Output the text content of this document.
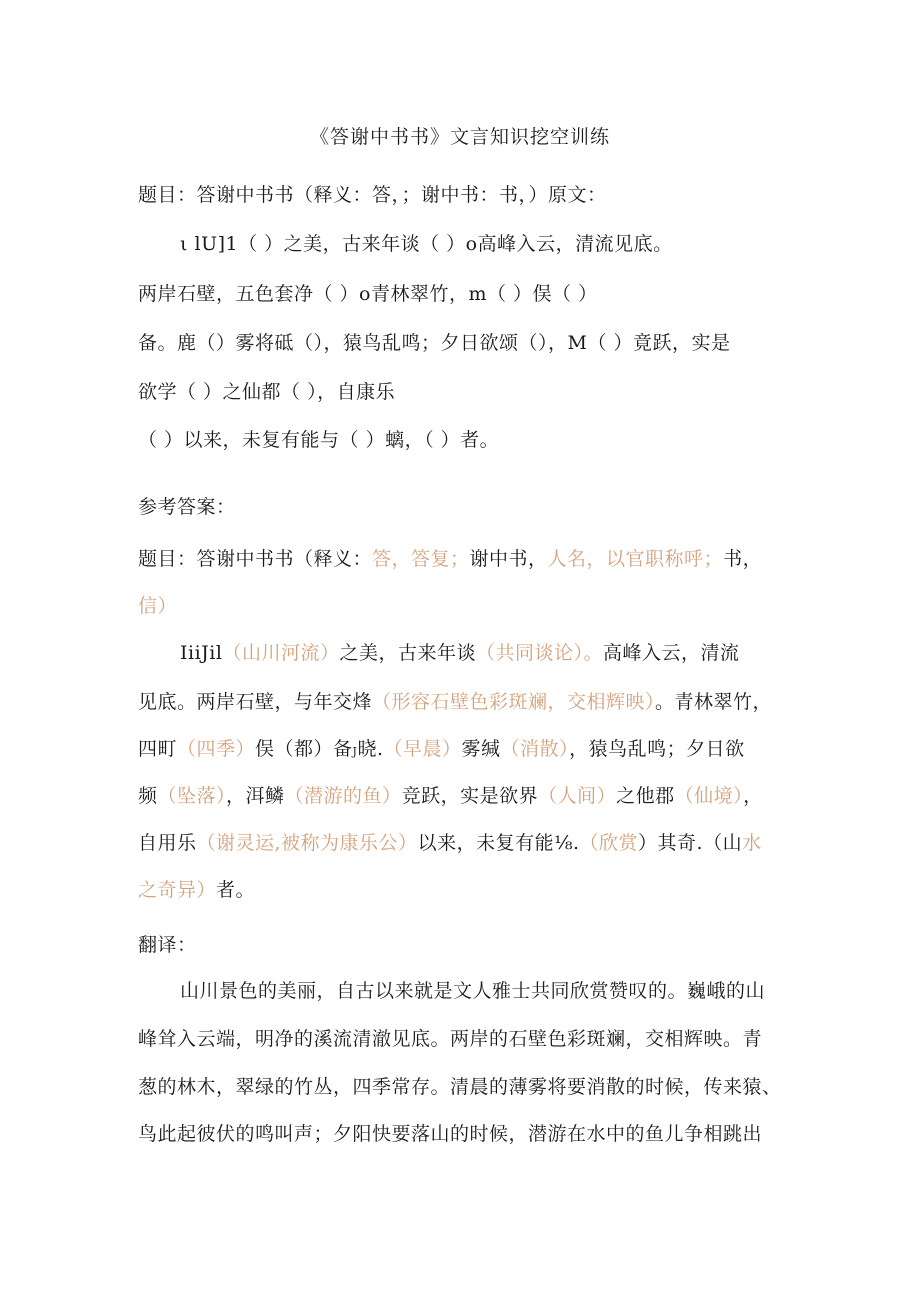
《答谢中书书》文言知识挖空训练
题目：答谢中书书（释义：答，；谢中书：书，）原文：
ι lU]1（ ）之美，古来年谈（ ）o高峰入云，清流见底。
两岸石壁，五色套净（ ）o青林翠竹，m（ ）俣（ ）
备。鹿（）雾将砥（），猿鸟乱鸣；夕日欲颂（），M（ ）竟跃，实是
欲学（ ）之仙都（ ），自康乐
（ ）以来，未复有能与（ ）螭，（ ）者。
参考答案：
题目：答谢中书书（释义：答，答复；谢中书，人名，以官职称呼；书，
信）
IiiJil（山川河流）之美，古来年谈（共同谈论）。高峰入云，清流
见底。两岸石壁，与年交烽（形容石壁色彩斑斓，交相辉映）。青林翠竹，
四町（四季）俣（都）备J晓.（早晨）雾缄（消散），猿鸟乱鸣；夕日欲
频（坠落），洱鳞（潜游的鱼）竞跃，实是欲界（人间）之他郡（仙境），
自用乐（谢灵运,被称为康乐公）以来，未复有能⅛.（欣赏）其奇.（山水
之奇异）者。
翻译：
山川景色的美丽，自古以来就是文人雅士共同欣赏赞叹的。巍峨的山
峰耸入云端，明净的溪流清澈见底。两岸的石壁色彩斑斓，交相辉映。青
葱的林木，翠绿的竹丛，四季常存。清晨的薄雾将要消散的时候，传来猿、
鸟此起彼伏的鸣叫声；夕阳快要落山的时候，潜游在水中的鱼儿争相跳出
